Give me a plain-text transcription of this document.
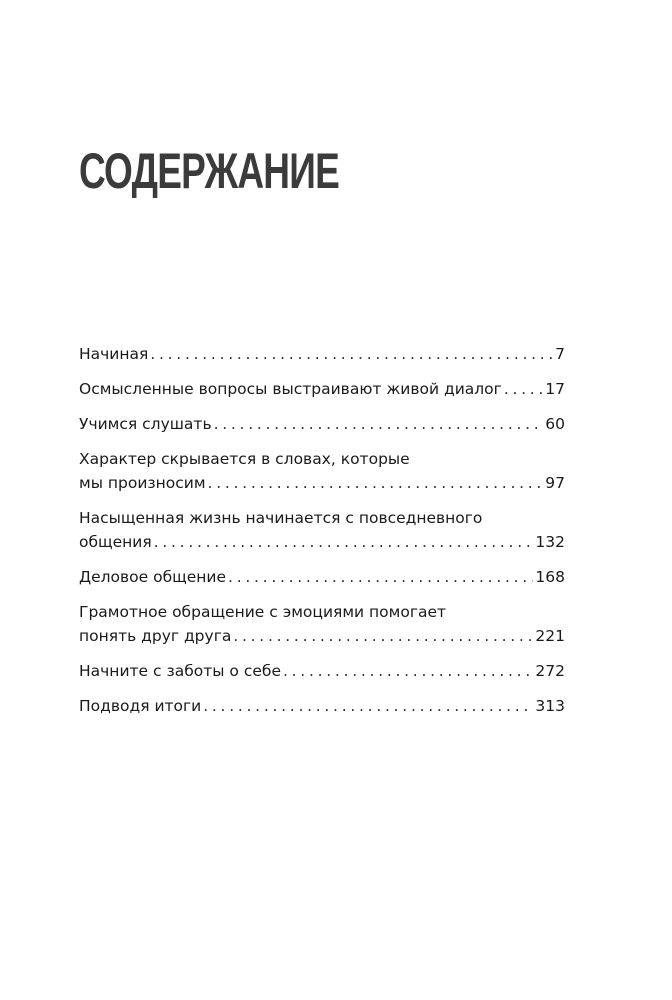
СОДЕРЖАНИЕ
Начиная . . .	7
Осмысленные вопросы выстраивают живой диалог . . .	17
Учимся слушать . . .	60
Характер скрывается в словах, которые
мы произносим . . .	97
Насыщенная жизнь начинается с повседневного
общения . . .	132
Деловое общение . . .	168
Грамотное обращение с эмоциями помогает
понять друг друга . . .	221
Начните с заботы о себе . . .	272
Подводя итоги . . .	313
